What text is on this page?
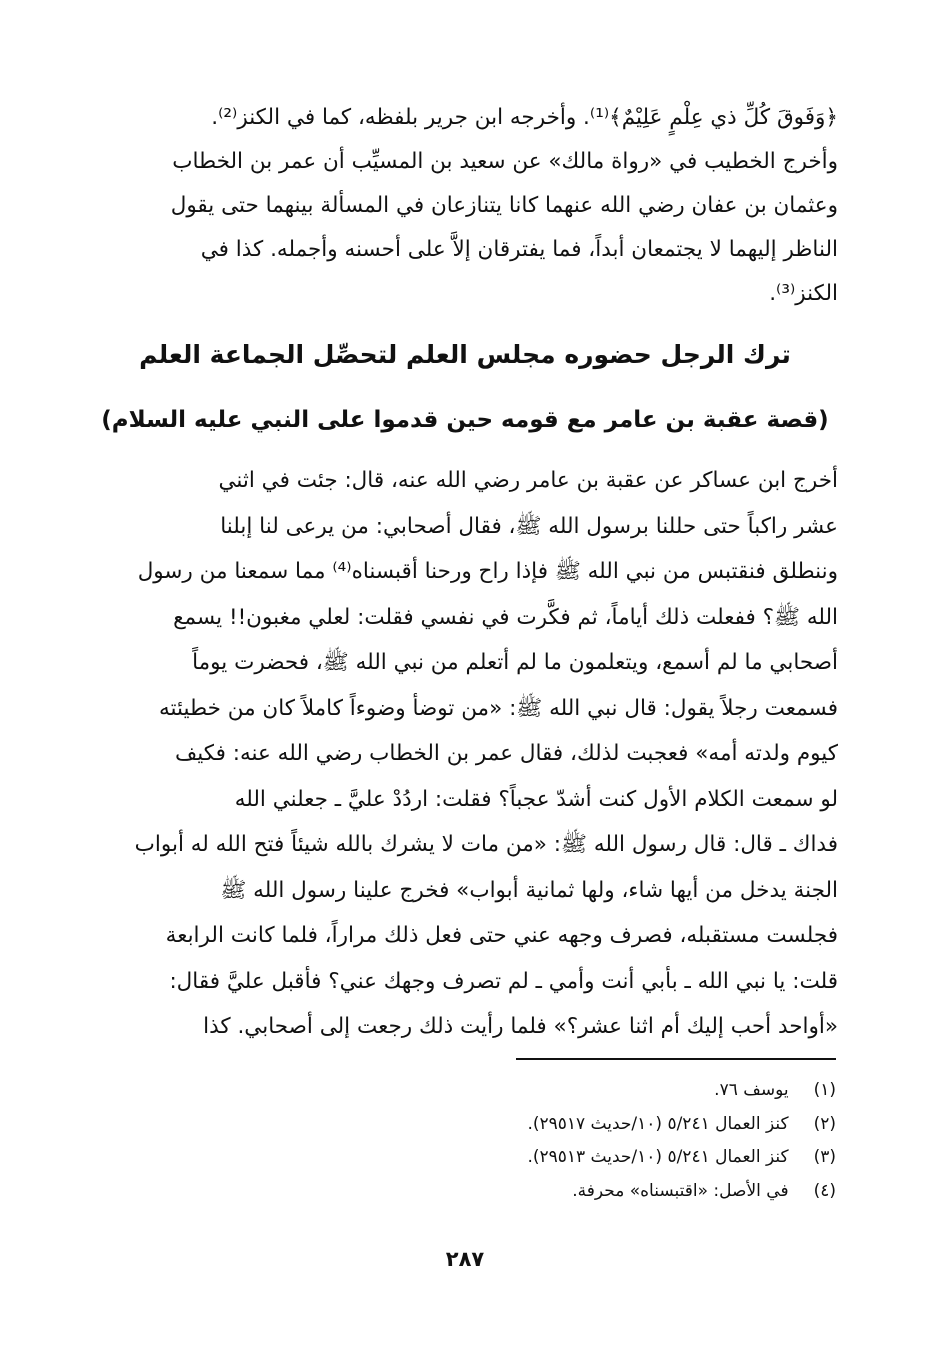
﴿وَفَوقَ كُلِّ ذي عِلْمٍ عَلِيْمٌ﴾⁽¹⁾. وأخرجه ابن جرير بلفظه، كما في الكنز⁽²⁾.
وأخرج الخطيب في «رواة مالك» عن سعيد بن المسيِّب أن عمر بن الخطاب
وعثمان بن عفان رضي الله عنهما كانا يتنازعان في المسألة بينهما حتى يقول
الناظر إليهما لا يجتمعان أبداً، فما يفترقان إلاَّ على أحسنه وأجمله. كذا في
الكنز⁽³⁾.
ترك الرجل حضوره مجلس العلم لتحصِّل الجماعة العلم
(قصة عقبة بن عامر مع قومه حين قدموا على النبي عليه السلام)
أخرج ابن عساكر عن عقبة بن عامر رضي الله عنه، قال: جئت في اثني
عشر راكباً حتى حللنا برسول الله ﷺ، فقال أصحابي: من يرعى لنا إبلنا
وننطلق فنقتبس من نبي الله ﷺ فإذا راح ورحنا أقبسناه⁽⁴⁾ مما سمعنا من رسول
الله ﷺ؟ ففعلت ذلك أياماً، ثم فكَّرت في نفسي فقلت: لعلي مغبون!! يسمع
أصحابي ما لم أسمع، ويتعلمون ما لم أتعلم من نبي الله ﷺ، فحضرت يوماً
فسمعت رجلاً يقول: قال نبي الله ﷺ: «من توضأ وضوءاً كاملاً كان من خطيئته
كيوم ولدته أمه» فعجبت لذلك، فقال عمر بن الخطاب رضي الله عنه: فكيف
لو سمعت الكلام الأول كنت أشدّ عجباً؟ فقلت: اردُدْ عليَّ ـ جعلني الله
فداك ـ قال: قال رسول الله ﷺ: «من مات لا يشرك بالله شيئاً فتح الله له أبواب
الجنة يدخل من أيها شاء، ولها ثمانية أبواب» فخرج علينا رسول الله ﷺ
فجلست مستقبله، فصرف وجهه عني حتى فعل ذلك مراراً، فلما كانت الرابعة
قلت: يا نبي الله ـ بأبي أنت وأمي ـ لم تصرف وجهك عني؟ فأقبل عليَّ فقال:
«أواحد أحب إليك أم اثنا عشر؟» فلما رأيت ذلك رجعت إلى أصحابي. كذا
(١) يوسف ٧٦.
(٢) كنز العمال ٥/٢٤١ (١٠/حديث ٢٩٥١٧).
(٣) كنز العمال ٥/٢٤١ (١٠/حديث ٢٩٥١٣).
(٤) في الأصل: «اقتبسناه» محرفة.
٢٨٧
